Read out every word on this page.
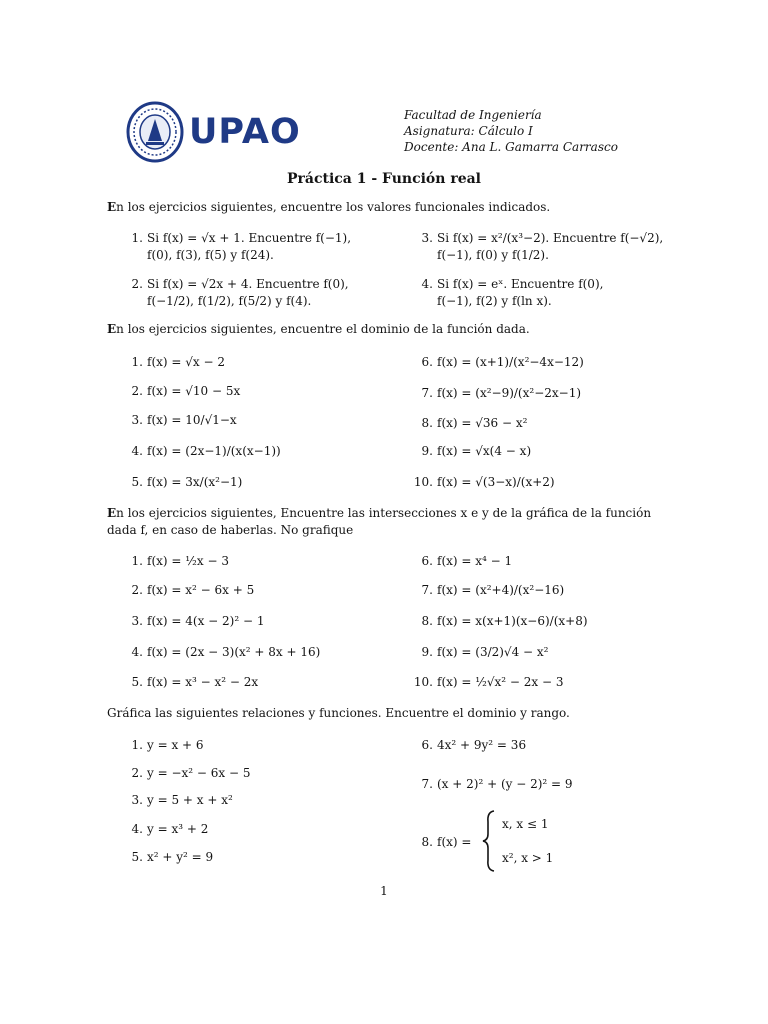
UPAO	Facultad de Ingeniería
Asignatura: Cálculo I
Docente: Ana L. Gamarra Carrasco
Práctica 1 - Función real
En los ejercicios siguientes, encuentre los valores funcionales indicados.
1. Si f(x) = √x + 1. Encuentre f(−1),
f(0), f(3), f(5) y f(24).
2. Si f(x) = √2x + 4. Encuentre f(0),
f(−1/2), f(1/2), f(5/2) y f(4).
3. Si f(x) = x²/(x³−2). Encuentre f(−√2),
f(−1), f(0) y f(1/2).
4. Si f(x) = eˣ. Encuentre f(0),
f(−1), f(2) y f(ln x).
En los ejercicios siguientes, encuentre el dominio de la función dada.
1. f(x) = √x − 2
2. f(x) = √10 − 5x
3. f(x) = 10/√1−x
4. f(x) = (2x−1)/(x(x−1))
5. f(x) = 3x/(x²−1)
6. f(x) = (x+1)/(x²−4x−12)
7. f(x) = (x²−9)/(x²−2x−1)
8. f(x) = √36 − x²
9. f(x) = √x(4 − x)
10. f(x) = √(3−x)/(x+2)
En los ejercicios siguientes, Encuentre las intersecciones x e y de la gráfica de la función dada f, en caso de haberlas. No grafique
1. f(x) = ½x − 3
2. f(x) = x² − 6x + 5
3. f(x) = 4(x − 2)² − 1
4. f(x) = (2x − 3)(x² + 8x + 16)
5. f(x) = x³ − x² − 2x
6. f(x) = x⁴ − 1
7. f(x) = (x²+4)/(x²−16)
8. f(x) = x(x+1)(x−6)/(x+8)
9. f(x) = (3/2)√4 − x²
10. f(x) = ½√x² − 2x − 3
Gráfica las siguientes relaciones y funciones. Encuentre el dominio y rango.
1. y = x + 6
2. y = −x² − 6x − 5
3. y = 5 + x + x²
4. y = x³ + 2
5. x² + y² = 9
6. 4x² + 9y² = 36
7. (x + 2)² + (y − 2)² = 9
8. f(x) =
x, x ≤ 1
x², x > 1
1
